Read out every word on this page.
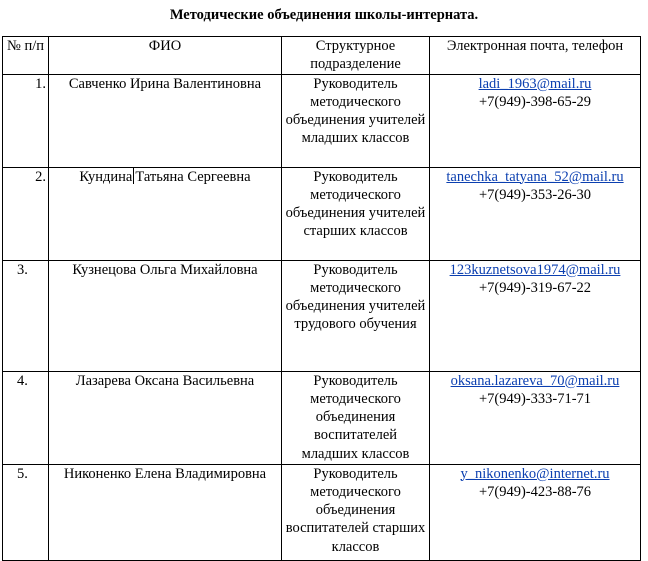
Методические объединения школы-интерната.
№ п/п	ФИО	Структурное подразделение	Электронная почта, телефон
1.	Савченко Ирина Валентиновна	Руководитель методического объединения учителей младших классов	ladi_1963@mail.ru
+7(949)-398-65-29

2.	Кундина Татьяна Сергеевна	Руководитель методического объединения учителей старших классов	tanechka_tatyana_52@mail.ru
+7(949)-353-26-30

3.	Кузнецова Ольга Михайловна	Руководитель методического объединения учителей трудового обучения	123kuznetsova1974@mail.ru
+7(949)-319-67-22

4.	Лазарева Оксана Васильевна	Руководитель методического объединения воспитателей младших классов	oksana.lazareva_70@mail.ru
+7(949)-333-71-71

5.	Никоненко Елена Владимировна	Руководитель методического объединения воспитателей старших классов	y_nikonenko@internet.ru
+7(949)-423-88-76
